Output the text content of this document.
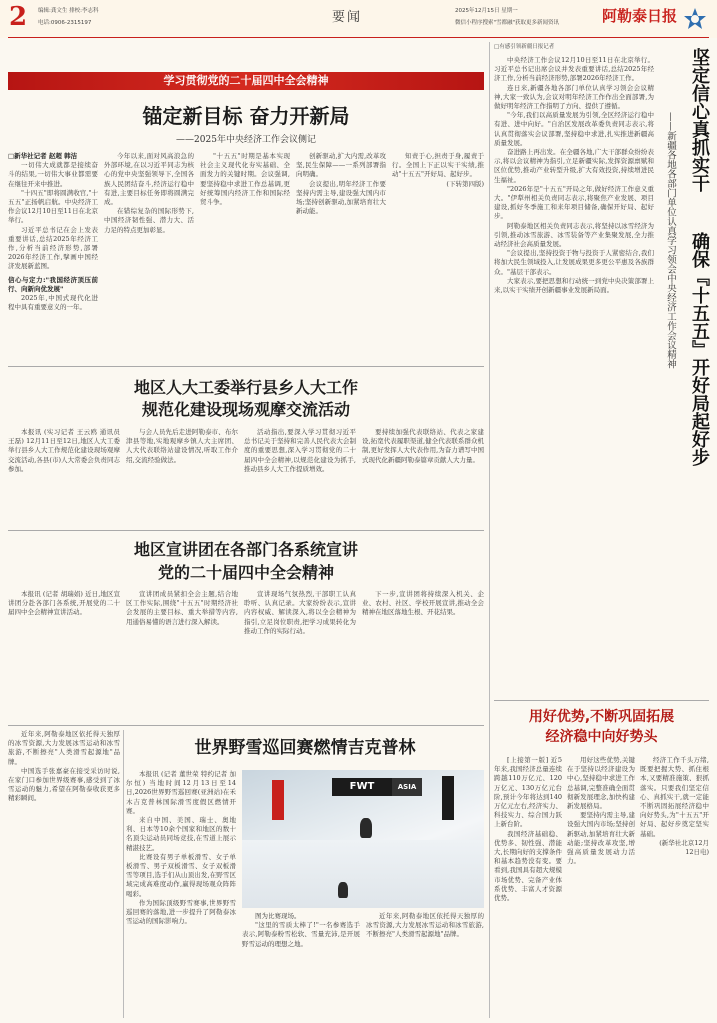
2 编辑:龚文生 排校:李志科
电话:0906-2315197	要闻	2025年12月15日 星期一
微信小程序搜索"雪都融"获取更多新闻资讯	阿勒泰日报
学习贯彻党的二十届四中全会精神
锚定新目标 奋力开新局
——2025年中央经济工作会议侧记
□新华社记者 赵超 韩洁
一切伟大成就都是接续奋斗的结果,一切伟大事业都需要在继往开来中推进。
"十四五"即将圆满收官,"十五五"正扬帆启航。中央经济工作会议12月10日至11日在北京举行。
习近平总书记在会上发表重要讲话,总结2025年经济工作,分析当前经济形势,部署2026年经济工作,擘画中国经济发展新蓝图。
信心与定力:"我国经济顶压前行、向新向优发展"
2025年,中国式现代化进程中具有重要意义的一年。
今年以来,面对风高浪急的外部环境,在以习近平同志为核心的党中央坚强领导下,全国各族人民团结奋斗,经济运行稳中有进,主要目标任务即将圆满完成。
在错综复杂的国际形势下,中国经济韧性强、潜力大、活力足的特点更加彰显。
"十五五"时期是基本实现社会主义现代化夯实基础、全面发力的关键时期。会议强调,要坚持稳中求进工作总基调,更好统筹国内经济工作和国际经贸斗争。
创新驱动,扩大内需,改革攻坚,民生保障——一系列部署指向明确。
会议提出,明年经济工作要坚持内需主导,建设强大国内市场;坚持创新驱动,加紧培育壮大新动能。
知责于心,担责于身,履责于行。全国上下正以实干实绩,推动"十五五"开好局、起好步。
(下转第四版)
地区人大工委举行县乡人大工作
规范化建设现场观摩交流活动
本报讯 (实习记者 王云鸥 通讯员 王磊) 12月11日至12日,地区人大工委举行县乡人大工作规范化建设现场观摩交流活动,各县(市)人大常委会负责同志参加。
与会人员先后走进阿勒泰市、布尔津县等地,实地观摩乡镇人大主席团、人大代表联络站建设情况,听取工作介绍,交流经验做法。
活动指出,要深入学习贯彻习近平总书记关于坚持和完善人民代表大会制度的重要思想,深入学习贯彻党的二十届四中全会精神,以规范化建设为抓手,推动县乡人大工作提质增效。
要持续加强代表联络站、代表之家建设,拓宽代表履职渠道,健全代表联系群众机制,更好发挥人大代表作用,为奋力谱写中国式现代化新疆阿勒泰篇章贡献人大力量。
地区宣讲团在各部门各系统宣讲
党的二十届四中全会精神
本报讯 (记者 胡瑞娟) 近日,地区宣讲团分赴各部门各系统,开展党的二十届四中全会精神宣讲活动。
宣讲团成员紧扣全会主题,结合地区工作实际,围绕"十五五"时期经济社会发展的主要目标、重大举措等内容,用通俗易懂的语言进行深入解读。
宣讲现场气氛热烈,干部职工认真聆听、认真记录。大家纷纷表示,宣讲内容权威、解读深入,将以全会精神为指引,立足岗位职责,把学习成果转化为推动工作的实际行动。
下一步,宣讲团将持续深入机关、企业、农村、社区、学校开展宣讲,推动全会精神在地区落地生根、开花结果。
近年来,阿勒泰地区依托得天独厚的冰雪资源,大力发展冰雪运动和冰雪旅游,不断擦亮"人类滑雪起源地"品牌。
中国选手张嘉豪在接受采访时说,在家门口参加世界级赛事,感受到了冰雪运动的魅力,希望在阿勒泰收获更多精彩瞬间。
世界野雪巡回赛燃情吉克普林
本报讯 (记者 董世荣 特约记者 加尔恒) 当地时间12月13日至14日,2026世界野雪巡回赛(亚洲站)在禾木吉克普林国际滑雪度假区燃情开赛。
来自中国、美国、瑞士、奥地利、日本等10余个国家和地区的数十名顶尖运动员同场竞技,在雪道上展示精湛技艺。
比赛设有男子单板滑雪、女子单板滑雪、男子双板滑雪、女子双板滑雪等项目,选手们从山顶出发,在野雪区域完成高难度动作,赢得现场观众阵阵喝彩。
作为国际顶级野雪赛事,世界野雪巡回赛的落地,进一步提升了阿勒泰冰雪运动的国际影响力。
FWT	ASIA
图为比赛现场。
"这里的雪质太棒了!"一名参赛选手表示,阿勒泰粉雪松软、雪量充沛,是开展野雪运动的理想之地。
近年来,阿勒泰地区依托得天独厚的冰雪资源,大力发展冰雪运动和冰雪旅游,不断擦亮"人类滑雪起源地"品牌。
□有感引领新疆日报记者
中央经济工作会议12月10日至11日在北京举行。习近平总书记出席会议并发表重要讲话,总结2025年经济工作,分析当前经济形势,部署2026年经济工作。
连日来,新疆各地各部门单位认真学习领会会议精神,大家一致认为,会议对明年经济工作作出全面部署,为做好明年经济工作指明了方向、提供了遵循。
"今年,我们以高质量发展为引领,全区经济运行稳中有进、进中向好。"自治区发展改革委负责同志表示,将认真贯彻落实会议部署,坚持稳中求进,扎实推进新疆高质量发展。
奋进路上再出发。在全疆各地,广大干部群众纷纷表示,将以会议精神为指引,立足新疆实际,发挥资源禀赋和区位优势,推动产业转型升级,扩大有效投资,持续增进民生福祉。
"2026年是"十五五"开局之年,做好经济工作意义重大。"伊犁州相关负责同志表示,将聚焦产业发展、项目建设,抓好冬季施工和来年项目储备,确保开好局、起好步。
阿勒泰地区相关负责同志表示,将坚持以冰雪经济为引领,推动冰雪旅游、冰雪装备等产业集聚发展,全力推动经济社会高质量发展。
"会议提出,坚持投资于物与投资于人紧密结合,我们将加大民生领域投入,让发展成果更多更公平惠及各族群众。"基层干部表示。
大家表示,要把思想和行动统一到党中央决策部署上来,以实干实绩开创新疆事业发展新局面。
坚定信心真抓实干
确保『十五五』开好局起好步
——新疆各地各部门单位认真学习领会中央经济工作会议精神
用好优势,不断巩固拓展
经济稳中向好势头
[上接第一版] 近5年来,我国经济总量连续跨越110万亿元、120万亿元、130万亿元台阶,预计今年将达到140万亿元左右,经济实力、科技实力、综合国力跃上新台阶。
我国经济基础稳、优势多、韧性强、潜能大,长期向好的支撑条件和基本趋势没有变。要看到,我国具有超大规模市场优势、完备产业体系优势、丰富人才资源优势。
用好这些优势,关键在于坚持以经济建设为中心,坚持稳中求进工作总基调,完整准确全面贯彻新发展理念,加快构建新发展格局。
要坚持内需主导,建设强大国内市场;坚持创新驱动,加紧培育壮大新动能;坚持改革攻坚,增强高质量发展动力活力。
经济工作千头万绪,既要把握大势、抓住根本,又要精准施策、狠抓落实。只要我们坚定信心、真抓实干,就一定能不断巩固拓展经济稳中向好势头,为"十五五"开好局、起好步奠定坚实基础。
(新华社北京12月12日电)
